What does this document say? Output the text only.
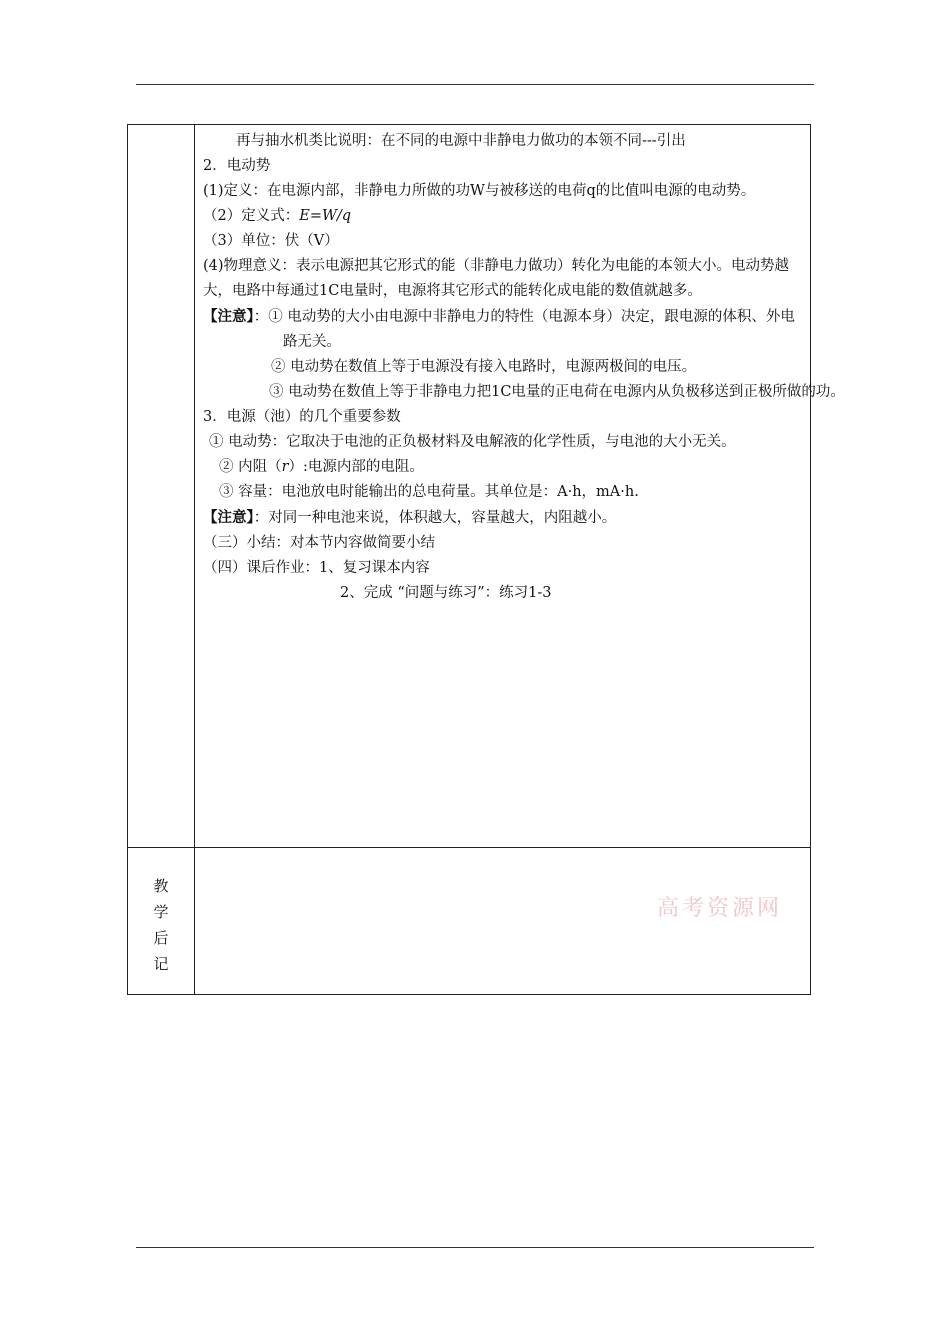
再与抽水机类比说明：在不同的电源中非静电力做功的本领不同---引出

2．电动势

(1)定义：在电源内部，非静电力所做的功W与被移送的电荷q的比值叫电源的电动势。

（2）定义式：E=W/q

（3）单位：伏（V）

(4)物理意义：表示电源把其它形式的能（非静电力做功）转化为电能的本领大小。电动势越大，电路中每通过1C电量时，电源将其它形式的能转化成电能的数值就越多。

【注意】：① 电动势的大小由电源中非静电力的特性（电源本身）决定，跟电源的体积、外电路无关。

② 电动势在数值上等于电源没有接入电路时，电源两极间的电压。

③ 电动势在数值上等于非静电力把1C电量的正电荷在电源内从负极移送到正极所做的功。

3．电源（池）的几个重要参数

① 电动势：它取决于电池的正负极材料及电解液的化学性质，与电池的大小无关。

② 内阻（r）:电源内部的电阻。

③ 容量：电池放电时能输出的总电荷量。其单位是：A·h，mA·h.

【注意】：对同一种电池来说，体积越大，容量越大，内阻越小。

（三）小结：对本节内容做简要小结

（四）课后作业：1、复习课本内容

2、完成 “问题与练习”：练习1-3

教
学
后
记
高考资源网
